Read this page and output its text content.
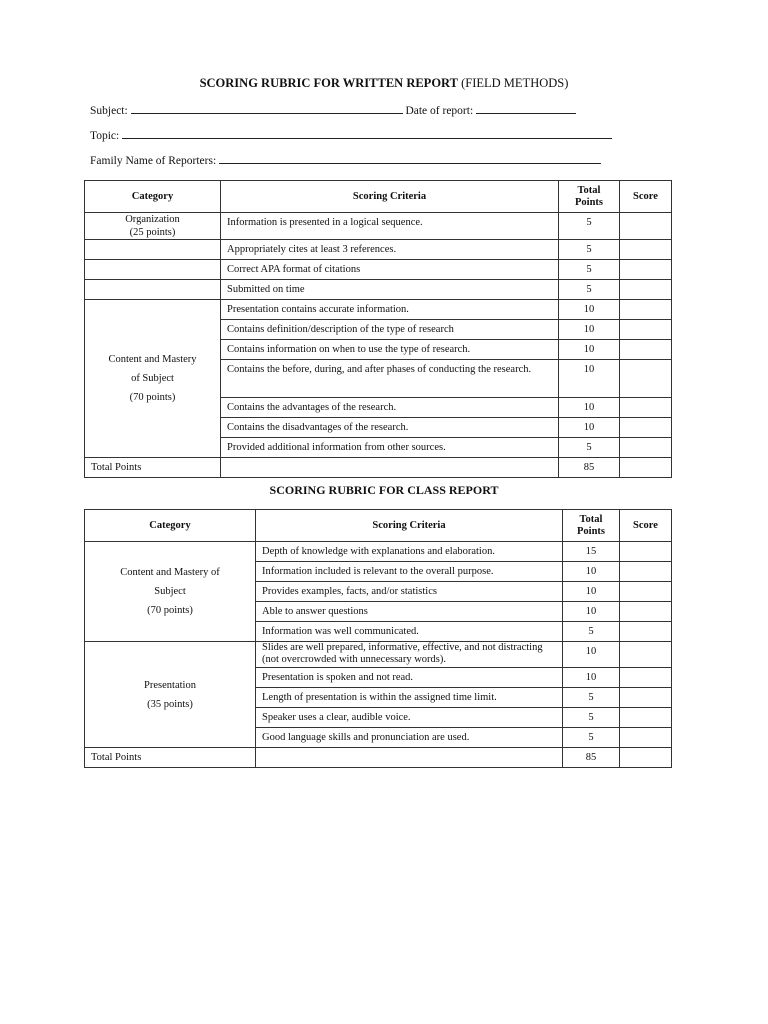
SCORING RUBRIC FOR WRITTEN REPORT (FIELD METHODS)
Subject:	Date of report:
Topic:
Family Name of Reporters:
Category	Scoring Criteria	Total Points	Score

Organization
(25 points)	Information is presented in a logical sequence.	5	
	Appropriately cites at least 3 references.	5	
	Correct APA format of citations	5	
	Submitted on time	5	

Content and Mastery
of Subject
(70 points)	Presentation contains accurate information.	10	
	Contains definition/description of the type of research	10	
	Contains information on when to use the type of research.	10	
	Contains the before, during, and after phases of conducting the research.	10	
	Contains the advantages of the research.	10	
	Contains the disadvantages of the research.	10	
	Provided additional information from other sources.	5	
Total Points		85	
SCORING RUBRIC FOR CLASS REPORT
Category	Scoring Criteria	Total Points	Score

Content and Mastery of
Subject
(70 points)	Depth of knowledge with explanations and elaboration.	15	
	Information included is relevant to the overall purpose.	10	
	Provides examples, facts, and/or statistics	10	
	Able to answer questions	10	
	Information was well communicated.	5	

Presentation
(35 points)	Slides are well prepared, informative, effective, and not distracting (not overcrowded with unnecessary words).	10	
	Presentation is spoken and not read.	10	
	Length of presentation is within the assigned time limit.	5	
	Speaker uses a clear, audible voice.	5	
	Good language skills and pronunciation are used.	5	
Total Points		85	
